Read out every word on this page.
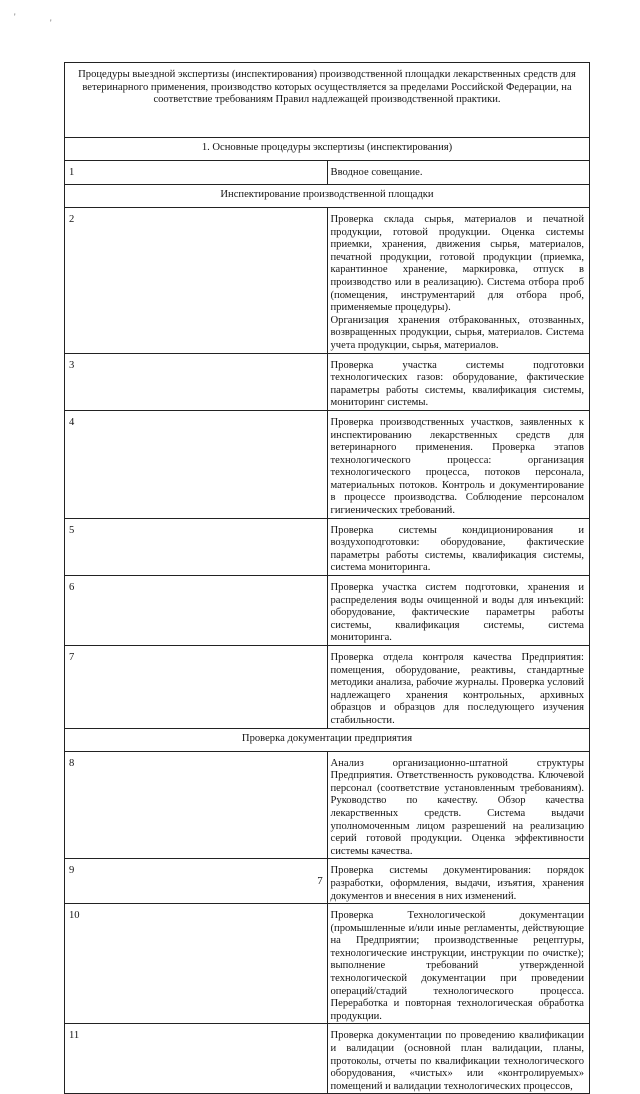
'
'
Процедуры выездной экспертизы (инспектирования) производственной площадки лекарственных средств для ветеринарного применения, производство которых осуществляется за пределами Российской Федерации, на соответствие требованиям Правил надлежащей производственной практики.	
1. Основные процедуры экспертизы (инспектирования)	
1	Вводное совещание.
Инспектирование производственной площадки	
2	Проверка склада сырья, материалов и печатной продукции, готовой продукции. Оценка системы приемки, хранения, движения сырья, материалов, печатной продукции, готовой продукции (приемка, карантинное хранение, маркировка, отпуск в производство или в реализацию). Система отбора проб (помещения, инструментарий для отбора проб, применяемые процедуры).
Организация хранения отбракованных, отозванных, возвращенных продукции, сырья, материалов. Система учета продукции, сырья, материалов.

3	Проверка участка системы подготовки технологических газов: оборудование, фактические параметры работы системы, квалификация системы, мониторинг системы.
4	Проверка производственных участков, заявленных к инспектированию лекарственных средств для ветеринарного применения. Проверка этапов технологического процесса: организация технологического процесса, потоков персонала, материальных потоков. Контроль и документирование в процессе производства. Соблюдение персоналом гигиенических требований.
5	Проверка системы кондиционирования и воздухоподготовки: оборудование, фактические параметры работы системы, квалификация системы, система мониторинга.
6	Проверка участка систем подготовки, хранения и распределения воды очищенной и воды для инъекций: оборудование, фактические параметры работы системы, квалификация системы, система мониторинга.
7	Проверка отдела контроля качества Предприятия: помещения, оборудование, реактивы, стандартные методики анализа, рабочие журналы. Проверка условий надлежащего хранения контрольных, архивных образцов и образцов для последующего изучения стабильности.
Проверка документации предприятия	
8	Анализ организационно-штатной структуры Предприятия. Ответственность руководства. Ключевой персонал (соответствие установленным требованиям). Руководство по качеству. Обзор качества лекарственных средств. Система выдачи уполномоченным лицом разрешений на реализацию серий готовой продукции. Оценка эффективности системы качества.
9	Проверка системы документирования: порядок разработки, оформления, выдачи, изъятия, хранения документов и внесения в них изменений.
10	Проверка Технологической документации (промышленные и/или иные регламенты, действующие на Предприятии; производственные рецептуры, технологические инструкции, инструкции по очистке); выполнение требований утвержденной технологической документации при проведении операций/стадий технологического процесса. Переработка и повторная технологическая обработка продукции.
11	Проверка документации по проведению квалификации и валидации (основной план валидации, планы, протоколы, отчеты по квалификации технологического оборудования, «чистых» или «контролируемых» помещений и валидации технологических процессов,
7
